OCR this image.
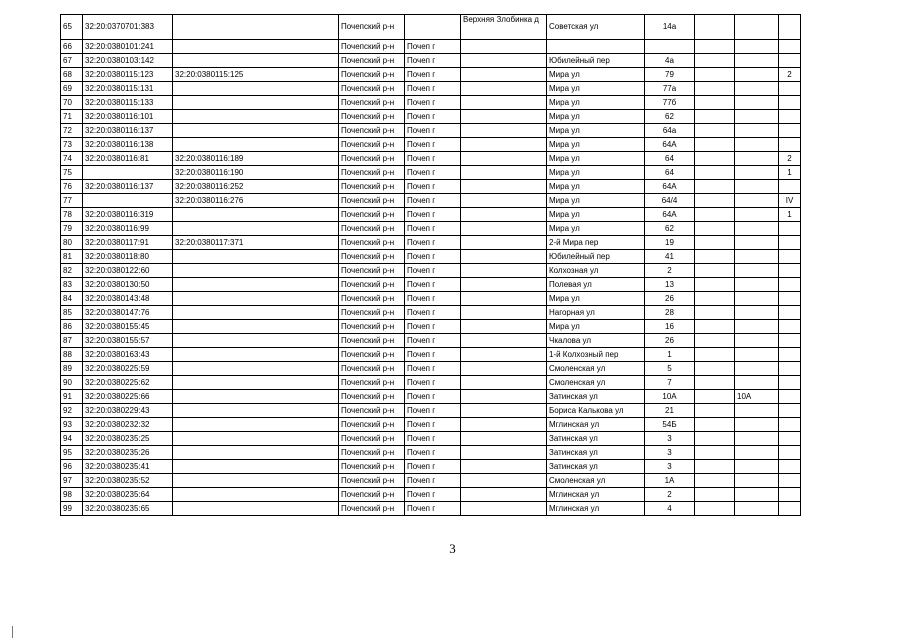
65	32:20:0370701:383		Почепский р-н		Верхняя Злобинка д	Советская ул	14а			
66	32:20:0380101:241		Почепский р-н	Почеп г						
67	32:20:0380103:142		Почепский р-н	Почеп г		Юбилейный пер	4а			
68	32:20:0380115:123	32:20:0380115:125	Почепский р-н	Почеп г		Мира ул	79			2
69	32:20:0380115:131		Почепский р-н	Почеп г		Мира ул	77а			
70	32:20:0380115:133		Почепский р-н	Почеп г		Мира ул	77б			
71	32:20:0380116:101		Почепский р-н	Почеп г		Мира ул	62			
72	32:20:0380116:137		Почепский р-н	Почеп г		Мира ул	64а			
73	32:20:0380116:138		Почепский р-н	Почеп г		Мира ул	64А			
74	32:20:0380116:81	32:20:0380116:189	Почепский р-н	Почеп г		Мира ул	64			2
75		32:20:0380116:190	Почепский р-н	Почеп г		Мира ул	64			1
76	32:20:0380116:137	32:20:0380116:252	Почепский р-н	Почеп г		Мира ул	64А			
77		32:20:0380116:276	Почепский р-н	Почеп г		Мира ул	64/4			IV
78	32:20:0380116:319		Почепский р-н	Почеп г		Мира ул	64А			1
79	32:20:0380116:99		Почепский р-н	Почеп г		Мира ул	62			
80	32:20:0380117:91	32:20:0380117:371	Почепский р-н	Почеп г		2-й Мира пер	19			
81	32:20:0380118:80		Почепский р-н	Почеп г		Юбилейный пер	41			
82	32:20:0380122:60		Почепский р-н	Почеп г		Колхозная ул	2			
83	32:20:0380130:50		Почепский р-н	Почеп г		Полевая ул	13			
84	32:20:0380143:48		Почепский р-н	Почеп г		Мира ул	26			
85	32:20:0380147:76		Почепский р-н	Почеп г		Нагорная ул	28			
86	32:20:0380155:45		Почепский р-н	Почеп г		Мира ул	16			
87	32:20:0380155:57		Почепский р-н	Почеп г		Чкалова ул	26			
88	32:20:0380163:43		Почепский р-н	Почеп г		1-й Колхозный пер	1			
89	32:20:0380225:59		Почепский р-н	Почеп г		Смоленская ул	5			
90	32:20:0380225:62		Почепский р-н	Почеп г		Смоленская ул	7			
91	32:20:0380225:66		Почепский р-н	Почеп г		Затинская ул	10А		10А	
92	32:20:0380229:43		Почепский р-н	Почеп г		Бориса Калькова ул	21			
93	32:20:0380232:32		Почепский р-н	Почеп г		Мглинская ул	54Б			
94	32:20:0380235:25		Почепский р-н	Почеп г		Затинская ул	3			
95	32:20:0380235:26		Почепский р-н	Почеп г		Затинская ул	3			
96	32:20:0380235:41		Почепский р-н	Почеп г		Затинская ул	3			
97	32:20:0380235:52		Почепский р-н	Почеп г		Смоленская ул	1А			
98	32:20:0380235:64		Почепский р-н	Почеп г		Мглинская ул	2			
99	32:20:0380235:65		Почепский р-н	Почеп г		Мглинская ул	4			
3
